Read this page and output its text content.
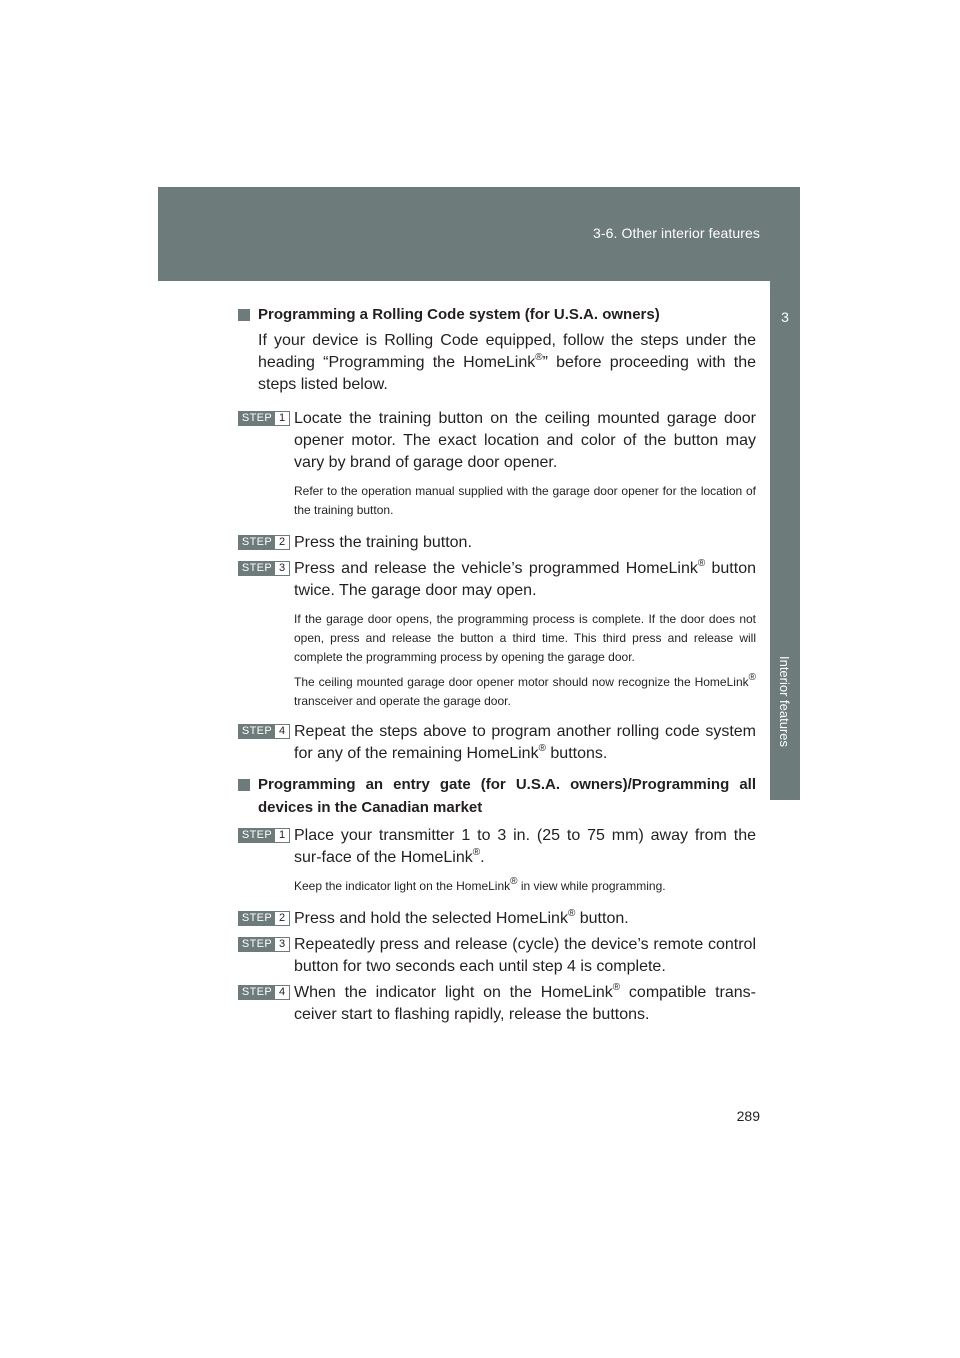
3-6. Other interior features
3
Interior features
Programming a Rolling Code system (for U.S.A. owners)
If your device is Rolling Code equipped, follow the steps under the heading “Programming the HomeLink®” before proceeding with the steps listed below.
STEP 1 Locate the training button on the ceiling mounted garage door opener motor. The exact location and color of the button may vary by brand of garage door opener.
Refer to the operation manual supplied with the garage door opener for the location of the training button.
STEP 2 Press the training button.
STEP 3 Press and release the vehicle’s programmed HomeLink® button twice. The garage door may open.
If the garage door opens, the programming process is complete. If the door does not open, press and release the button a third time. This third press and release will complete the programming process by opening the garage door.
The ceiling mounted garage door opener motor should now recognize the HomeLink® transceiver and operate the garage door.
STEP 4 Repeat the steps above to program another rolling code system for any of the remaining HomeLink® buttons.
Programming an entry gate (for U.S.A. owners)/Programming all devices in the Canadian market
STEP 1 Place your transmitter 1 to 3 in. (25 to 75 mm) away from the sur-face of the HomeLink®.
Keep the indicator light on the HomeLink® in view while programming.
STEP 2 Press and hold the selected HomeLink® button.
STEP 3 Repeatedly press and release (cycle) the device’s remote control button for two seconds each until step 4 is complete.
STEP 4 When the indicator light on the HomeLink® compatible trans-ceiver start to flashing rapidly, release the buttons.
289
